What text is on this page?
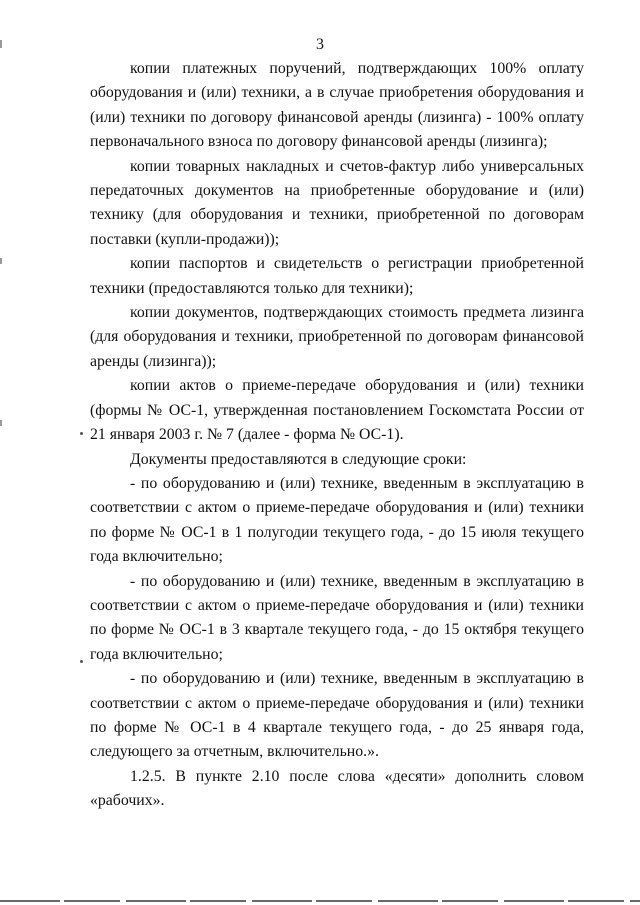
3

копии платежных поручений, подтверждающих 100% оплату оборудования и (или) техники, а в случае приобретения оборудования и (или) техники по договору финансовой аренды (лизинга) - 100% оплату первоначального взноса по договору финансовой аренды (лизинга);

копии товарных накладных и счетов-фактур либо универсальных передаточных документов на приобретенные оборудование и (или) технику (для оборудования и техники, приобретенной по договорам поставки (купли-продажи));

копии паспортов и свидетельств о регистрации приобретенной техники (предоставляются только для техники);

копии документов, подтверждающих стоимость предмета лизинга (для оборудования и техники, приобретенной по договорам финансовой аренды (лизинга));

копии актов о приеме-передаче оборудования и (или) техники (формы № ОС-1, утвержденная постановлением Госкомстата России от 21 января 2003 г. № 7 (далее - форма № ОС-1).

Документы предоставляются в следующие сроки:

- по оборудованию и (или) технике, введенным в эксплуатацию в соответствии с актом о приеме-передаче оборудования и (или) техники по форме № ОС-1 в 1 полугодии текущего года, - до 15 июля текущего года включительно;

- по оборудованию и (или) технике, введенным в эксплуатацию в соответствии с актом о приеме-передаче оборудования и (или) техники по форме № ОС-1 в 3 квартале текущего года, - до 15 октября текущего года включительно;

- по оборудованию и (или) технике, введенным в эксплуатацию в соответствии с актом о приеме-передаче оборудования и (или) техники по форме № ОС-1 в 4 квартале текущего года, - до 25 января года, следующего за отчетным, включительно.».

1.2.5. В пункте 2.10 после слова «десяти» дополнить словом «рабочих».
